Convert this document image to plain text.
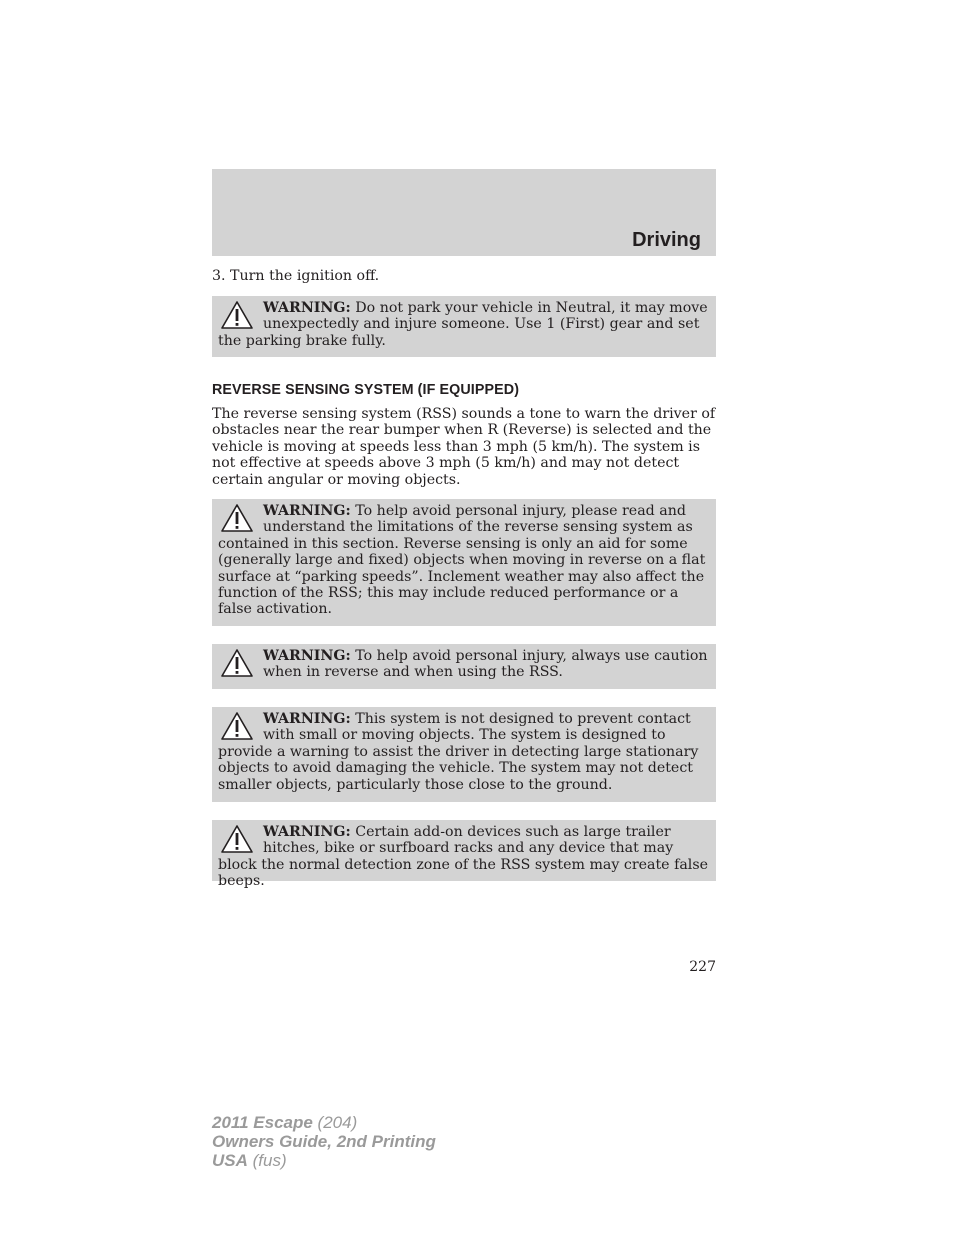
Driving
3. Turn the ignition off.
WARNING: Do not park your vehicle in Neutral, it may move unexpectedly and injure someone. Use 1 (First) gear and set the parking brake fully.
REVERSE SENSING SYSTEM (IF EQUIPPED)
The reverse sensing system (RSS) sounds a tone to warn the driver of obstacles near the rear bumper when R (Reverse) is selected and the vehicle is moving at speeds less than 3 mph (5 km/h). The system is not effective at speeds above 3 mph (5 km/h) and may not detect certain angular or moving objects.
WARNING: To help avoid personal injury, please read and understand the limitations of the reverse sensing system as contained in this section. Reverse sensing is only an aid for some (generally large and fixed) objects when moving in reverse on a flat surface at “parking speeds”. Inclement weather may also affect the function of the RSS; this may include reduced performance or a false activation.
WARNING: To help avoid personal injury, always use caution when in reverse and when using the RSS.
WARNING: This system is not designed to prevent contact with small or moving objects. The system is designed to provide a warning to assist the driver in detecting large stationary objects to avoid damaging the vehicle. The system may not detect smaller objects, particularly those close to the ground.
WARNING: Certain add-on devices such as large trailer hitches, bike or surfboard racks and any device that may block the normal detection zone of the RSS system may create false beeps.
227
2011 Escape (204)
Owners Guide, 2nd Printing
USA (fus)
